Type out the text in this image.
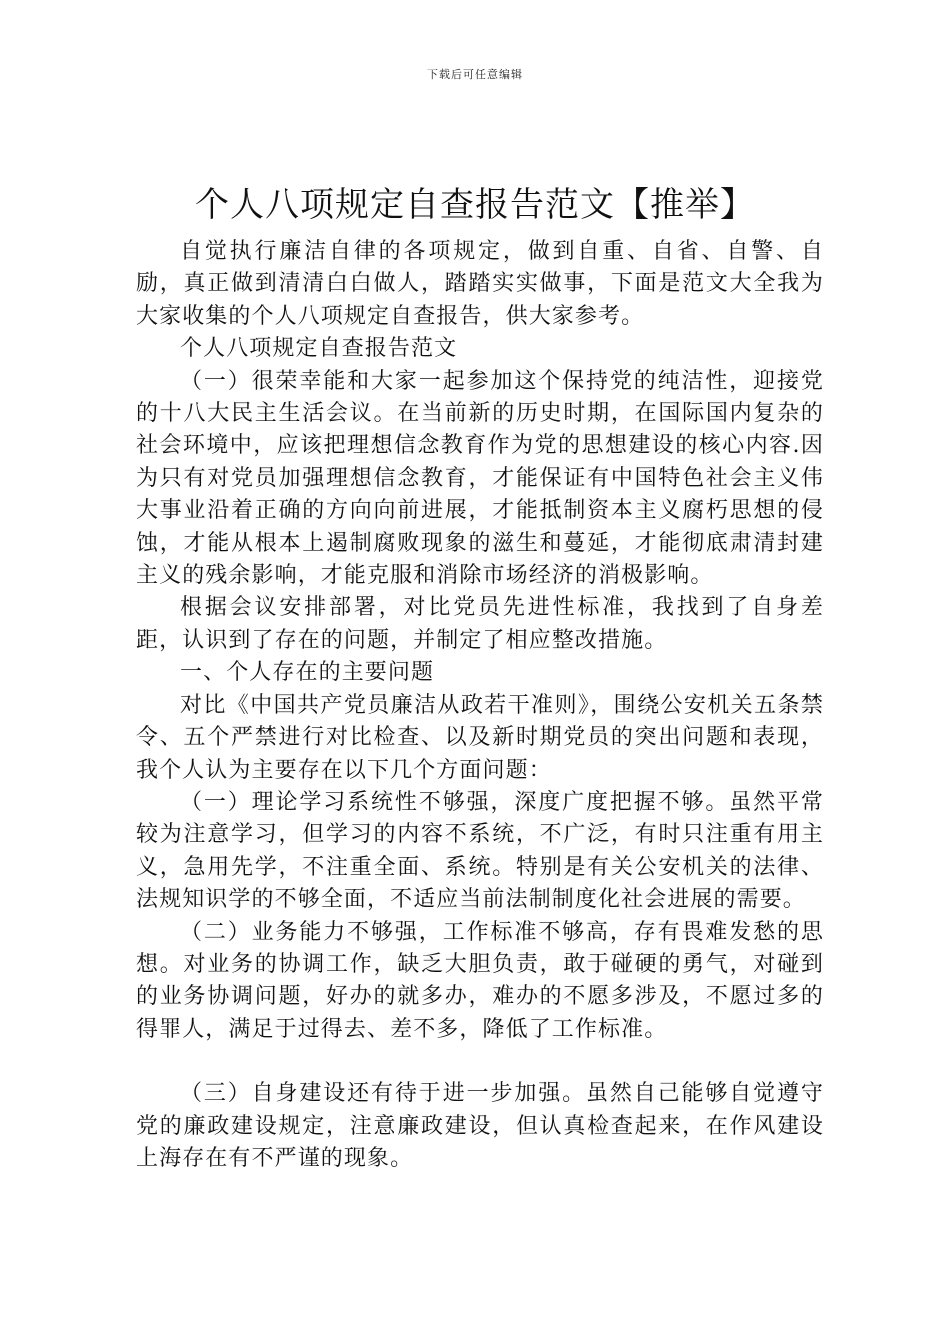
下载后可任意编辑
个人八项规定自查报告范文【推举】

自觉执行廉洁自律的各项规定，做到自重、自省、自警、自励，真正做到清清白白做人，踏踏实实做事，下面是范文大全我为大家收集的个人八项规定自查报告，供大家参考。

个人八项规定自查报告范文

（一）很荣幸能和大家一起参加这个保持党的纯洁性，迎接党的十八大民主生活会议。在当前新的历史时期，在国际国内复杂的社会环境中，应该把理想信念教育作为党的思想建设的核心内容.因为只有对党员加强理想信念教育，才能保证有中国特色社会主义伟大事业沿着正确的方向向前进展，才能抵制资本主义腐朽思想的侵蚀，才能从根本上遏制腐败现象的滋生和蔓延，才能彻底肃清封建主义的残余影响，才能克服和消除市场经济的消极影响。

根据会议安排部署，对比党员先进性标准，我找到了自身差距，认识到了存在的问题，并制定了相应整改措施。

一、个人存在的主要问题

对比《中国共产党员廉洁从政若干准则》，围绕公安机关五条禁令、五个严禁进行对比检查、以及新时期党员的突出问题和表现，我个人认为主要存在以下几个方面问题：

（一）理论学习系统性不够强，深度广度把握不够。虽然平常较为注意学习，但学习的内容不系统，不广泛，有时只注重有用主义，急用先学，不注重全面、系统。特别是有关公安机关的法律、法规知识学的不够全面，不适应当前法制制度化社会进展的需要。

（二）业务能力不够强，工作标准不够高，存有畏难发愁的思想。对业务的协调工作，缺乏大胆负责，敢于碰硬的勇气，对碰到的业务协调问题，好办的就多办，难办的不愿多涉及，不愿过多的得罪人，满足于过得去、差不多，降低了工作标准。

（三）自身建设还有待于进一步加强。虽然自己能够自觉遵守党的廉政建设规定，注意廉政建设，但认真检查起来，在作风建设上海存在有不严谨的现象。
